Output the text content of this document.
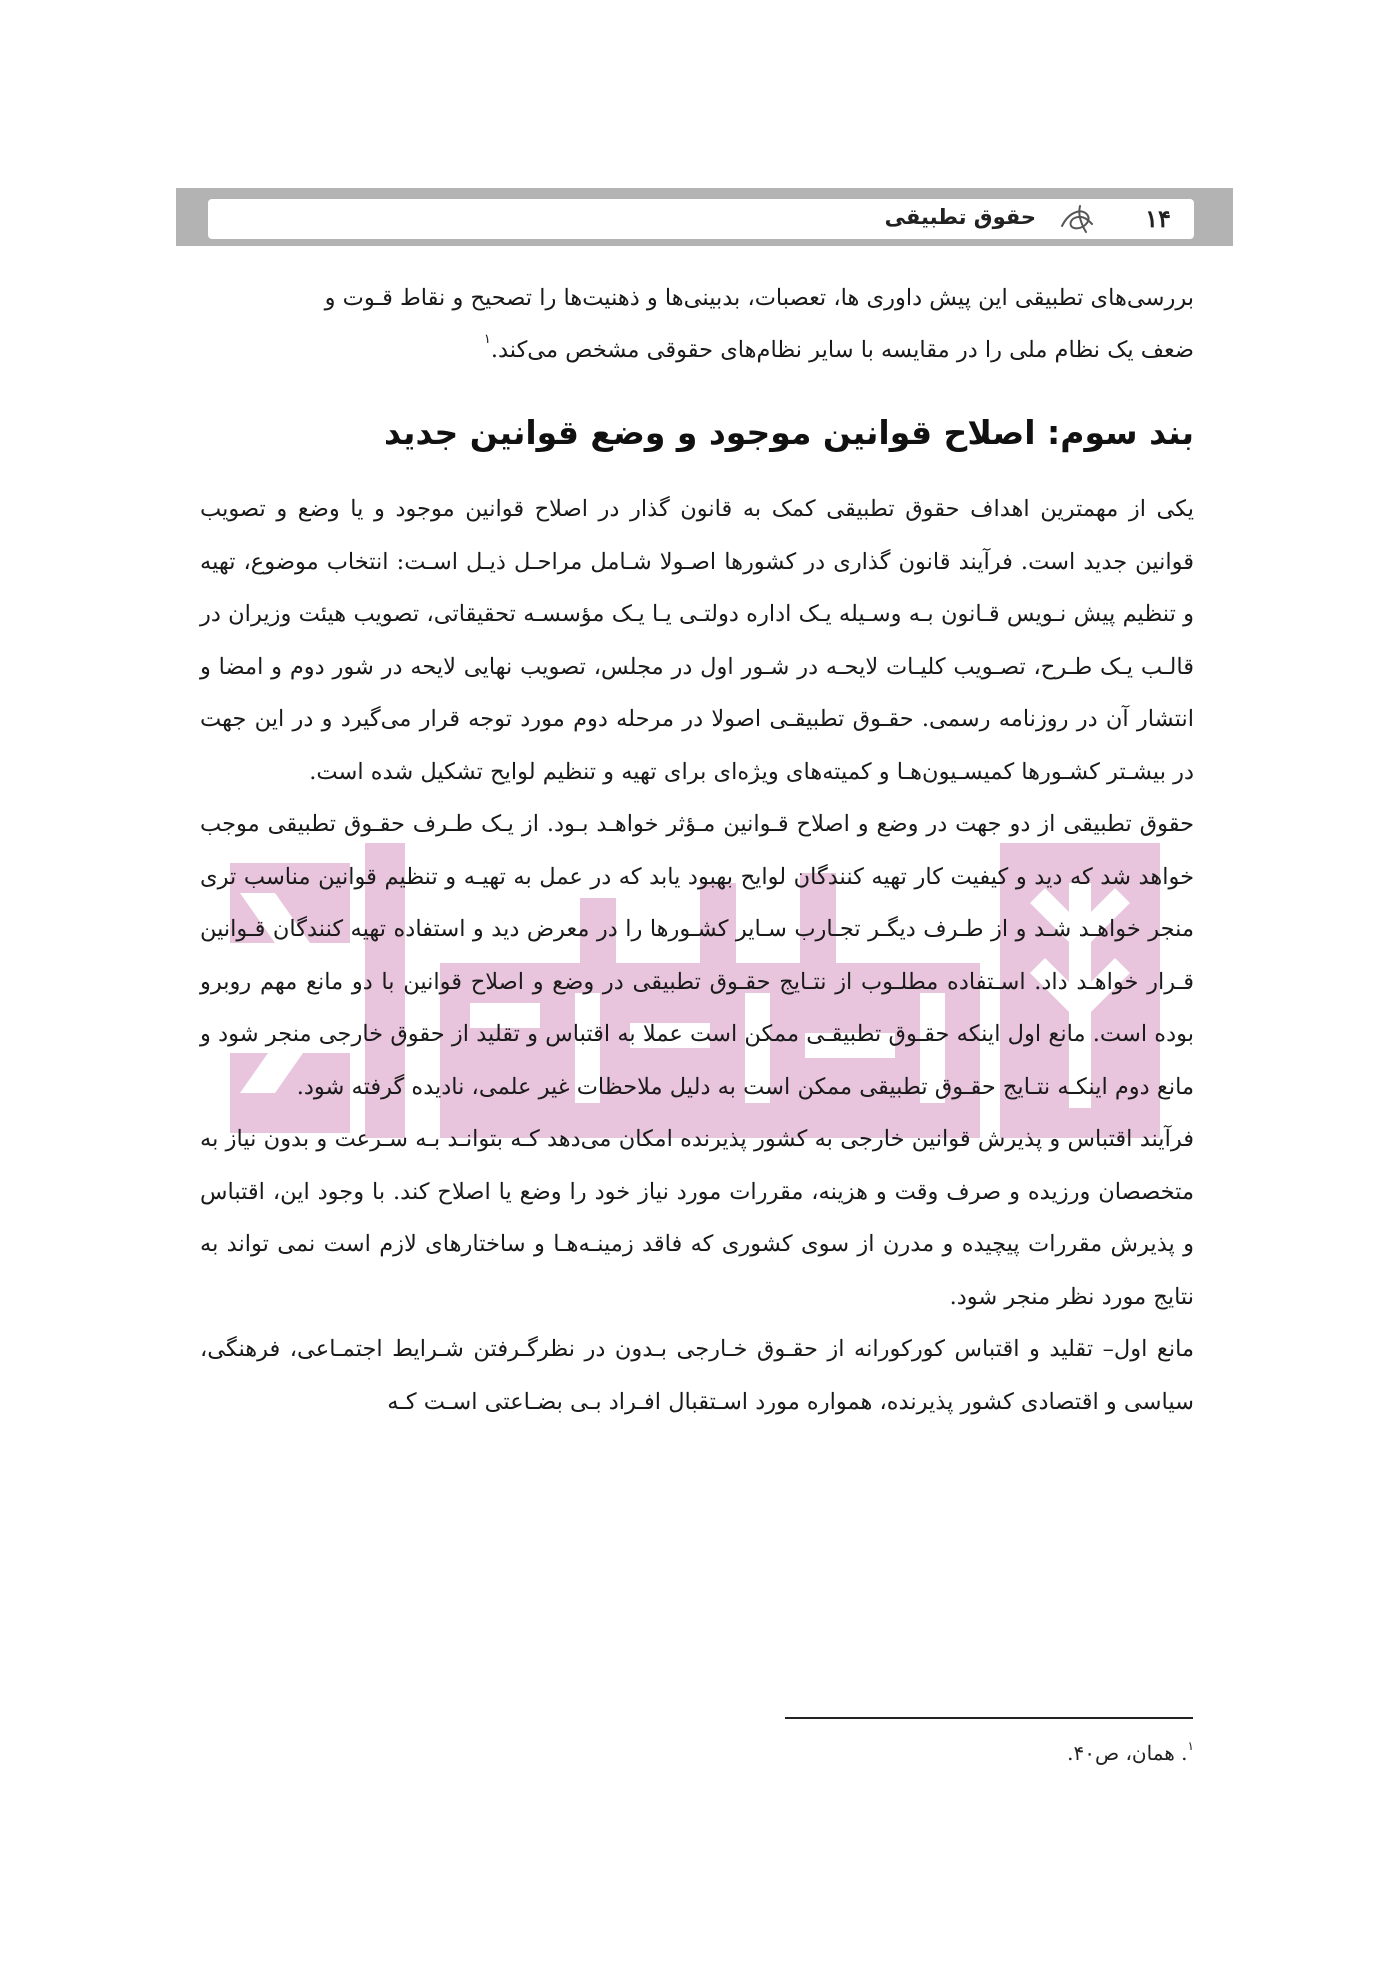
۱۴
حقوق تطبیقی

بررسی‌های تطبیقی این پیش داوری ها، تعصبات، بدبینی‌ها و ذهنیت‌ها را تصحیح و نقاط قـوت و

ضعف یک نظام ملی را در مقایسه با سایر نظام‌های حقوقی مشخص می‌کند.$^۱$

بند سوم: اصلاح قوانین موجود و وضع قوانین جدید

یکی از مهمترین اهداف حقوق تطبیقی کمک به قانون گذار در اصلاح قوانین موجود و یا وضع و تصویب قوانین جدید است. فرآیند قانون گذاری در کشورها اصـولا شـامل مراحـل ذیـل اسـت: انتخاب موضوع، تهیه و تنظیم پیش نـویس قـانون بـه وسـیله یـک اداره دولتـی یـا یـک مؤسسـه تحقیقاتی، تصویب هیئت وزیران در قالـب یـک طـرح، تصـویب کلیـات لایحـه در شـور اول در مجلس، تصویب نهایی لایحه در شور دوم و امضا و انتشار آن در روزنامه رسمی. حقـوق تطبیقـی اصولا در مرحله دوم مورد توجه قرار می‌گیرد و در این جهت در بیشـتر کشـورها کمیسـیون‌هـا و کمیته‌های ویژه‌ای برای تهیه و تنظیم لوایح تشکیل شده است.

حقوق تطبیقی از دو جهت در وضع و اصلاح قـوانین مـؤثر خواهـد بـود. از یـک طـرف حقـوق تطبیقی موجب خواهد شد که دید و کیفیت کار تهیه کنندگان لوایح بهبود یابد که در عمل به تهیـه و تنظیم قوانین مناسب تری منجر خواهـد شـد و از طـرف دیگـر تجـارب سـایر کشـورها را در معرض دید و استفاده تهیه کنندگان قـوانین قـرار خواهـد داد. اسـتفاده مطلـوب از نتـایج حقـوق تطبیقی در وضع و اصلاح قوانین با دو مانع مهم روبرو بوده است. مانع اول اینکه حقـوق تطبیقـی ممکن است عملا به اقتباس و تقلید از حقوق خارجی منجر شود و مانع دوم اینکـه نتـایج حقـوق تطبیقی ممکن است به دلیل ملاحظات غیر علمی، نادیده گرفته شود.

فرآیند اقتباس و پذیرش قوانین خارجی به کشور پذیرنده امکان می‌دهد کـه بتوانـد بـه سـرعت و بدون نیاز به متخصصان ورزیده و صرف وقت و هزینه، مقررات مورد نیاز خود را وضع یا اصلاح کند. با وجود این، اقتباس و پذیرش مقررات پیچیده و مدرن از سوی کشوری که فاقد زمینـه‌هـا و ساختارهای لازم است نمی تواند به نتایج مورد نظر منجر شود.

مانع اول– تقلید و اقتباس کورکورانه از حقـوق خـارجی بـدون در نظرگـرفتن شـرایط اجتمـاعی، فرهنگی، سیاسی و اقتصادی کشور پذیرنده، همواره مورد اسـتقبال افـراد بـی بضـاعتی اسـت کـه

$^۱$. همان، ص۴۰.
